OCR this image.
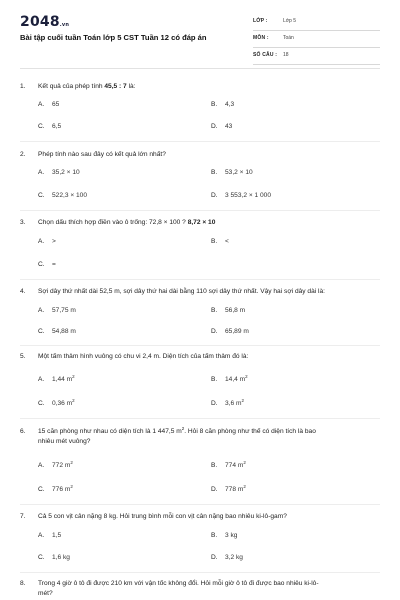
2048.vn
Bài tập cuối tuần Toán lớp 5 CST Tuần 12 có đáp án
LỚP :	Lớp 5
MÔN :	Toán
SỐ CÂU : 18
1.	Kết quả của phép tính 45,5 : 7 là:
A. 65	B. 4,3
C. 6,5	D. 43
2.	Phép tính nào sau đây có kết quả lớn nhất?
A. 35,2 × 10	B. 53,2 × 10
C. 522,3 × 100	D. 3 553,2 × 1 000
3.	Chọn dấu thích hợp điền vào ô trống: 72,8 × 100 ? 8,72 × 10
A. >	B. <
C. =
4.	Sợi dây thứ nhất dài 52,5 m, sợi dây thứ hai dài bằng 110 sợi dây thứ nhất. Vậy hai sợi dây dài là:
A. 57,75 m	B. 56,8 m
C. 54,88 m	D. 65,89 m
5.	Một tấm thảm hình vuông có chu vi 2,4 m. Diện tích của tấm thảm đó là:
A. 1,44 $m^2$	B. 14,4 $m^2$
C. 0,36 $m^2$	D. 3,6 $m^2$
6.	15 căn phòng như nhau có diện tích là 1 447,5 $m^2$. Hỏi 8 căn phòng như thế có diện tích là bao
nhiêu mét vuông?
A. 772 $m^2$	B. 774 $m^2$
C. 776 $m^2$	D. 778 $m^2$
7.	Cả 5 con vịt cân nặng 8 kg. Hỏi trung bình mỗi con vịt cân nặng bao nhiêu ki-lô-gam?
A. 1,5	B. 3 kg
C. 1,6 kg	D. 3,2 kg
8.	Trong 4 giờ ô tô đi được 210 km với vận tốc không đổi. Hỏi mỗi giờ ô tô đi được bao nhiêu ki-lô-
mét?
